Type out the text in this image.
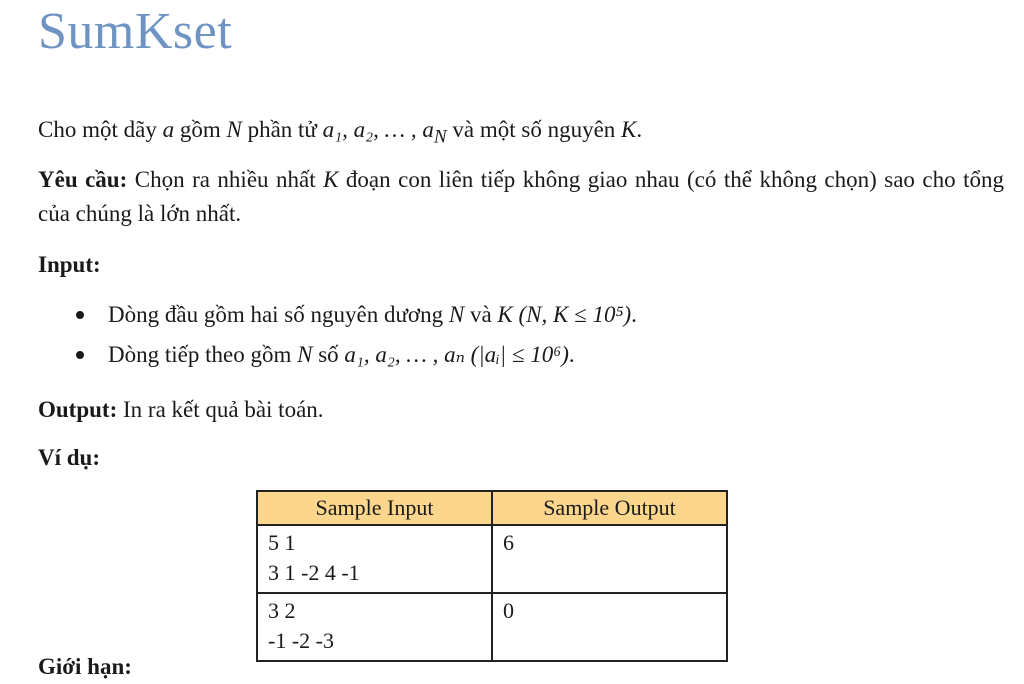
SumKset

Cho một dãy a gồm N phần tử a₁, a₂, … , $a_N$ và một số nguyên K.

Yêu cầu: Chọn ra nhiều nhất K đoạn con liên tiếp không giao nhau (có thể không chọn) sao cho tổng của chúng là lớn nhất.

Input:

Dòng đầu gồm hai số nguyên dương N và K (N, K ≤ 10⁵).
Dòng tiếp theo gồm N số a₁, a₂, … , aₙ (|aᵢ| ≤ 10⁶).

Output: In ra kết quả bài toán.

Ví dụ:

Sample Input	Sample Output

5 1
3 1 -2 4 -1	6

3 2
-1 -2 -3	0

Giới hạn:
